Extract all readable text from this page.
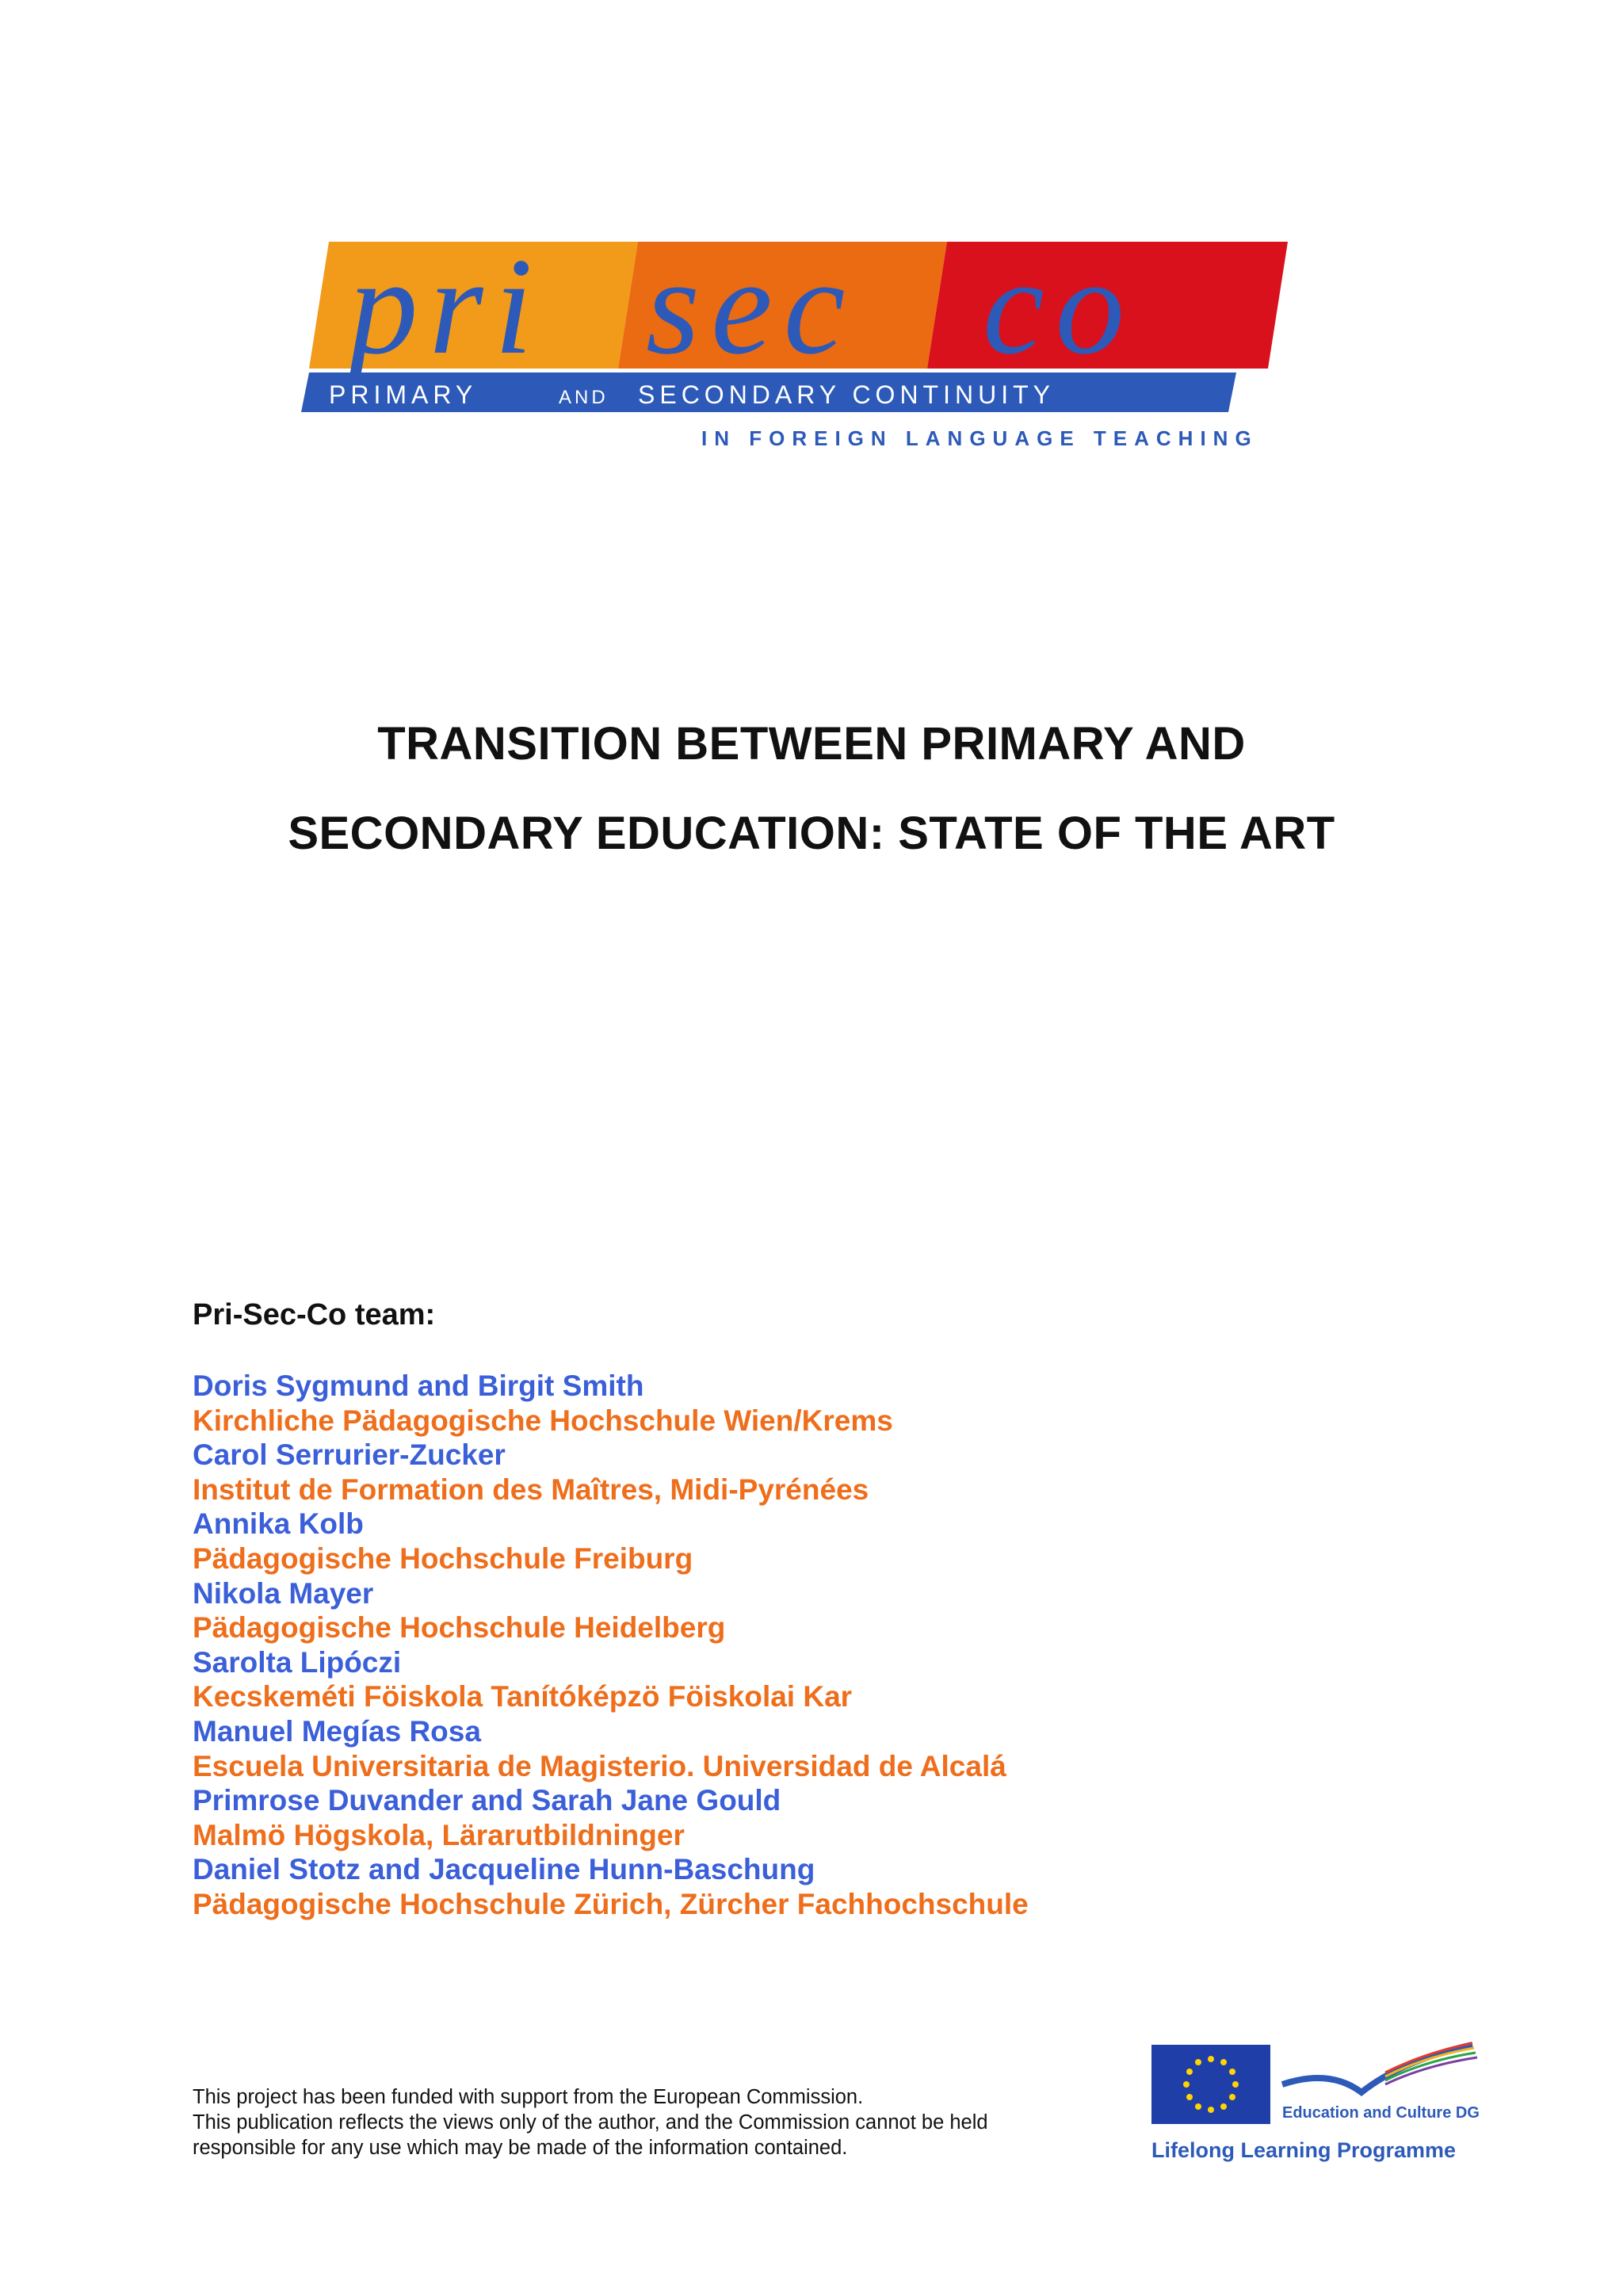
pri sec co
PRIMARY	AND SECONDARY CONTINUITY
IN FOREIGN LANGUAGE TEACHING
TRANSITION BETWEEN PRIMARY AND
SECONDARY EDUCATION: STATE OF THE ART
Pri-Sec-Co team:
Doris Sygmund and Birgit Smith
Kirchliche Pädagogische Hochschule Wien/Krems
Carol Serrurier-Zucker
Institut de Formation des Maîtres, Midi-Pyrénées
Annika Kolb
Pädagogische Hochschule Freiburg
Nikola Mayer
Pädagogische Hochschule Heidelberg
Sarolta Lipóczi
Kecskeméti Föiskola Tanítóképzö Föiskolai Kar
Manuel Megías Rosa
Escuela Universitaria de Magisterio. Universidad de Alcalá
Primrose Duvander and Sarah Jane Gould
Malmö Högskola, Lärarutbildninger
Daniel Stotz and Jacqueline Hunn-Baschung
Pädagogische Hochschule Zürich, Zürcher Fachhochschule
This project has been funded with support from the European Commission.
This publication reflects the views only of the author, and the Commission cannot be held
responsible for any use which may be made of the information contained.
Education and Culture DG
Lifelong Learning Programme
